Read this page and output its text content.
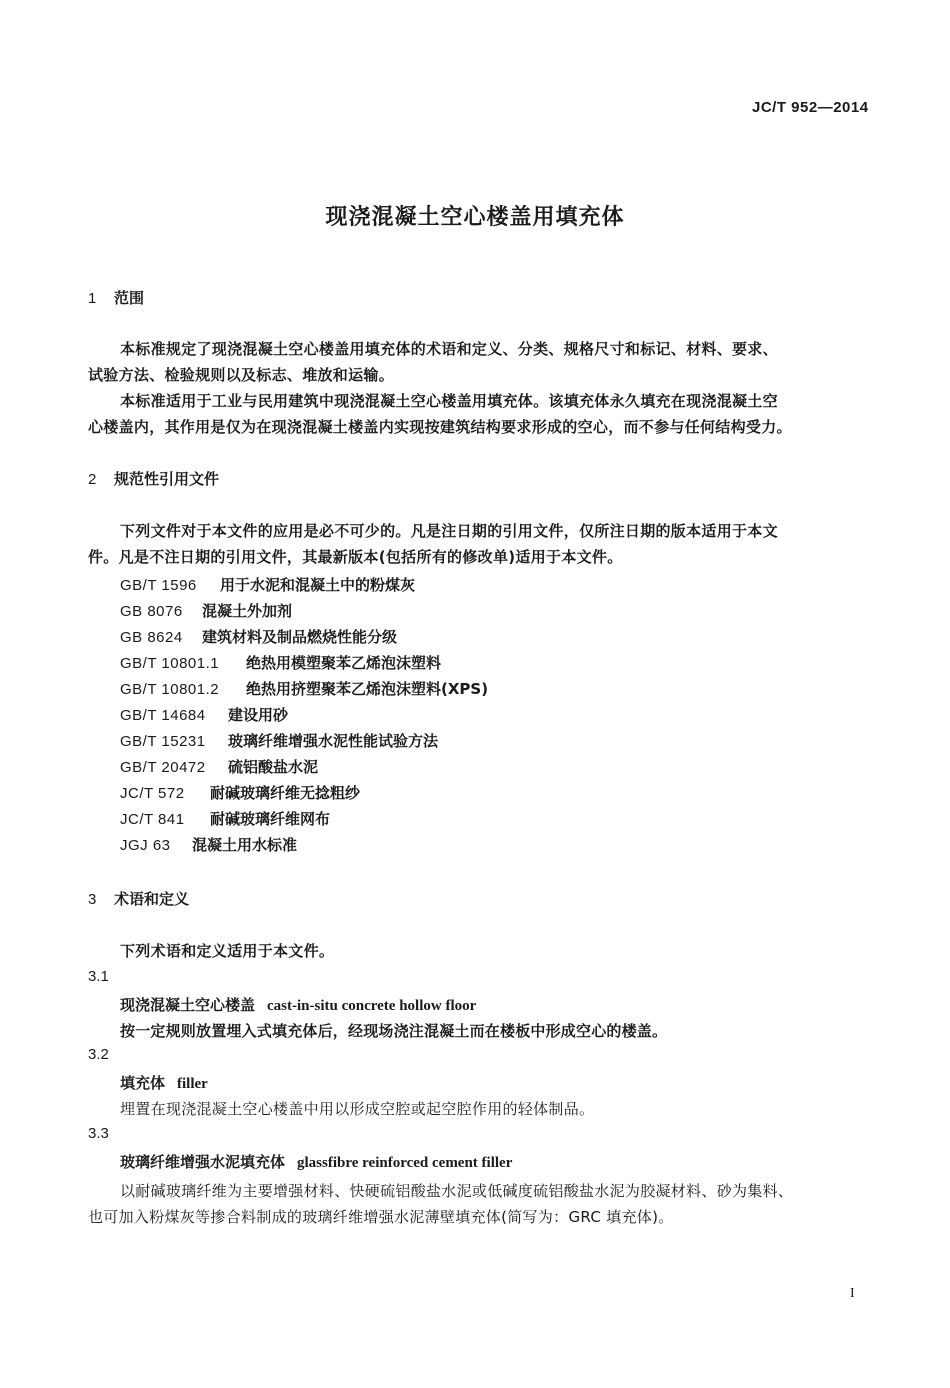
JC/T 952—2014
现浇混凝土空心楼盖用填充体
1 范围
本标准规定了现浇混凝土空心楼盖用填充体的术语和定义、分类、规格尺寸和标记、材料、要求、
试验方法、检验规则以及标志、堆放和运输。
本标准适用于工业与民用建筑中现浇混凝土空心楼盖用填充体。该填充体永久填充在现浇混凝土空
心楼盖内，其作用是仅为在现浇混凝土楼盖内实现按建筑结构要求形成的空心，而不参与任何结构受力。
2 规范性引用文件
下列文件对于本文件的应用是必不可少的。凡是注日期的引用文件，仅所注日期的版本适用于本文
件。凡是不注日期的引用文件，其最新版本(包括所有的修改单)适用于本文件。
GB/T 1596 用于水泥和混凝土中的粉煤灰
GB 8076 混凝土外加剂
GB 8624 建筑材料及制品燃烧性能分级
GB/T 10801.1 绝热用模塑聚苯乙烯泡沫塑料
GB/T 10801.2 绝热用挤塑聚苯乙烯泡沫塑料(XPS)
GB/T 14684 建设用砂
GB/T 15231 玻璃纤维增强水泥性能试验方法
GB/T 20472 硫铝酸盐水泥
JC/T 572 耐碱玻璃纤维无捻粗纱
JC/T 841 耐碱玻璃纤维网布
JGJ 63 混凝土用水标准
3 术语和定义
下列术语和定义适用于本文件。
3.1
现浇混凝土空心楼盖 cast-in-situ concrete hollow floor
按一定规则放置埋入式填充体后，经现场浇注混凝土而在楼板中形成空心的楼盖。
3.2
填充体 filler
埋置在现浇混凝土空心楼盖中用以形成空腔或起空腔作用的轻体制品。
3.3
玻璃纤维增强水泥填充体 glassfibre reinforced cement filler
以耐碱玻璃纤维为主要增强材料、快硬硫铝酸盐水泥或低碱度硫铝酸盐水泥为胶凝材料、砂为集料、
也可加入粉煤灰等掺合料制成的玻璃纤维增强水泥薄壁填充体(简写为：GRC 填充体)。
I
